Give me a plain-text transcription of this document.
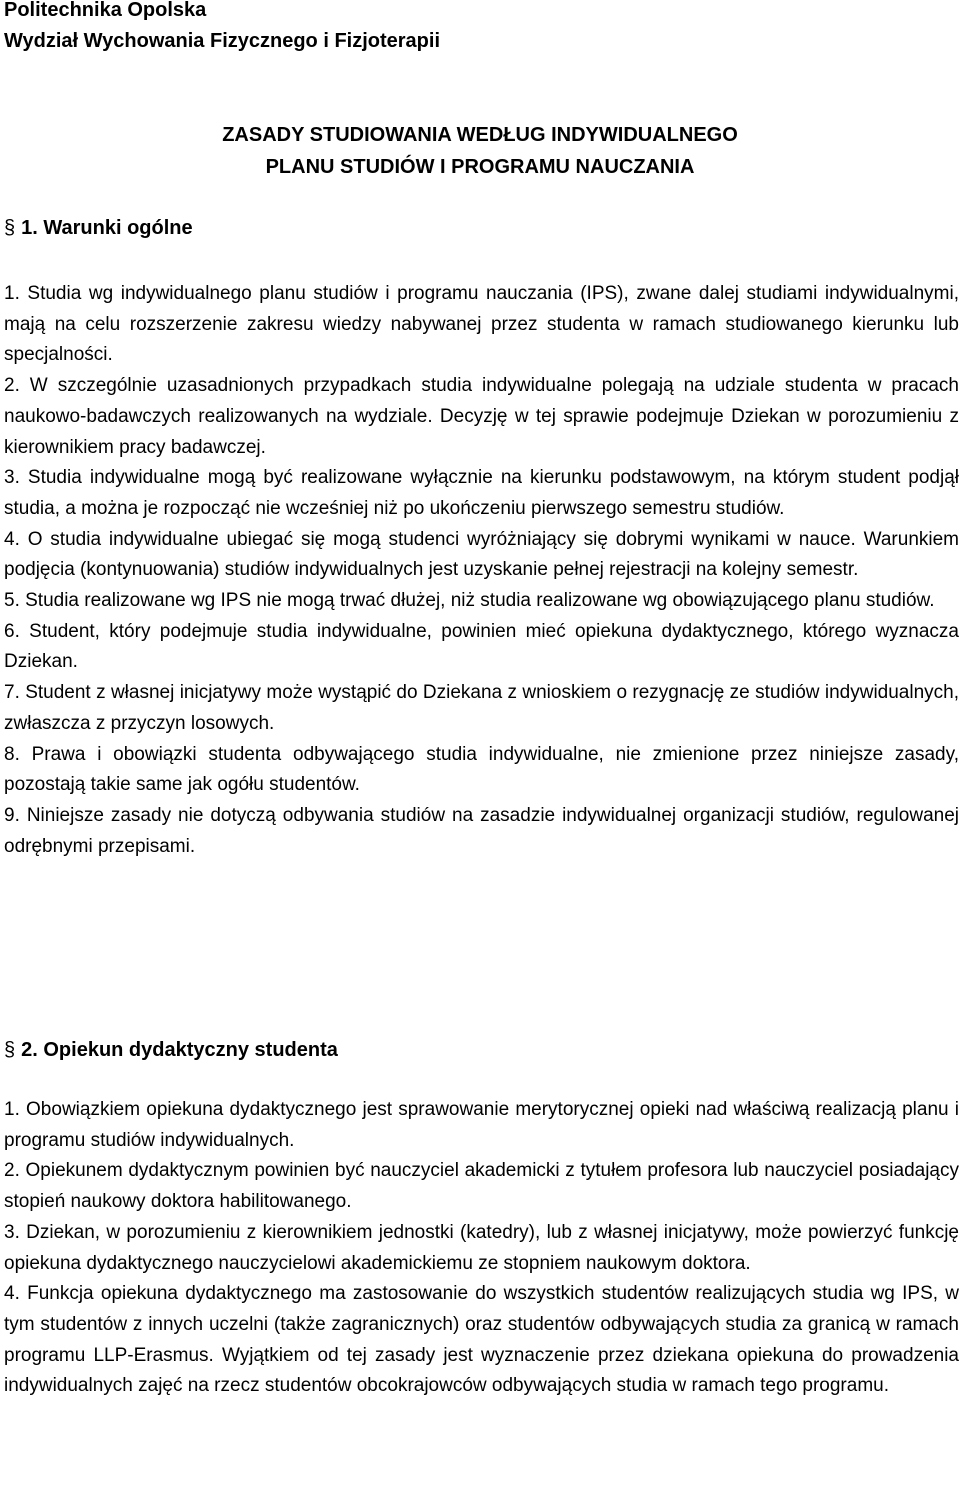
Politechnika Opolska
Wydział Wychowania Fizycznego i Fizjoterapii
ZASADY STUDIOWANIA WEDŁUG INDYWIDUALNEGO
PLANU STUDIÓW I PROGRAMU NAUCZANIA
§ 1. Warunki ogólne

1. Studia wg indywidualnego planu studiów i programu nauczania (IPS), zwane dalej studiami indywidualnymi, mają na celu rozszerzenie zakresu wiedzy nabywanej przez studenta w ramach studiowanego kierunku lub specjalności.

2. W szczególnie uzasadnionych przypadkach studia indywidualne polegają na udziale studenta w pracach naukowo-badawczych realizowanych na wydziale. Decyzję w tej sprawie podejmuje Dziekan w porozumieniu z kierownikiem pracy badawczej.

3. Studia indywidualne mogą być realizowane wyłącznie na kierunku podstawowym, na którym student podjął studia, a można je rozpocząć nie wcześniej niż po ukończeniu pierwszego semestru studiów.

4. O studia indywidualne ubiegać się mogą studenci wyróżniający się dobrymi wynikami w nauce. Warunkiem podjęcia (kontynuowania) studiów indywidualnych jest uzyskanie pełnej rejestracji na kolejny semestr.

5. Studia realizowane wg IPS nie mogą trwać dłużej, niż studia realizowane wg obowiązującego planu studiów.

6. Student, który podejmuje studia indywidualne, powinien mieć opiekuna dydaktycznego, którego wyznacza Dziekan.

7. Student z własnej inicjatywy może wystąpić do Dziekana z wnioskiem o rezygnację ze studiów indywidualnych, zwłaszcza z przyczyn losowych.

8. Prawa i obowiązki studenta odbywającego studia indywidualne, nie zmienione przez niniejsze zasady, pozostają takie same jak ogółu studentów.

9. Niniejsze zasady nie dotyczą odbywania studiów na zasadzie indywidualnej organizacji studiów, regulowanej odrębnymi przepisami.

§ 2. Opiekun dydaktyczny studenta

1. Obowiązkiem opiekuna dydaktycznego jest sprawowanie merytorycznej opieki nad właściwą realizacją planu i programu studiów indywidualnych.

2. Opiekunem dydaktycznym powinien być nauczyciel akademicki z tytułem profesora lub nauczyciel posiadający stopień naukowy doktora habilitowanego.

3. Dziekan, w porozumieniu z kierownikiem jednostki (katedry), lub z własnej inicjatywy, może powierzyć funkcję opiekuna dydaktycznego nauczycielowi akademickiemu ze stopniem naukowym doktora.

4. Funkcja opiekuna dydaktycznego ma zastosowanie do wszystkich studentów realizujących studia wg IPS, w tym studentów z innych uczelni (także zagranicznych) oraz studentów odbywających studia za granicą w ramach programu LLP-Erasmus. Wyjątkiem od tej zasady jest wyznaczenie przez dziekana opiekuna do prowadzenia indywidualnych zajęć na rzecz studentów obcokrajowców odbywających studia w ramach tego programu.
